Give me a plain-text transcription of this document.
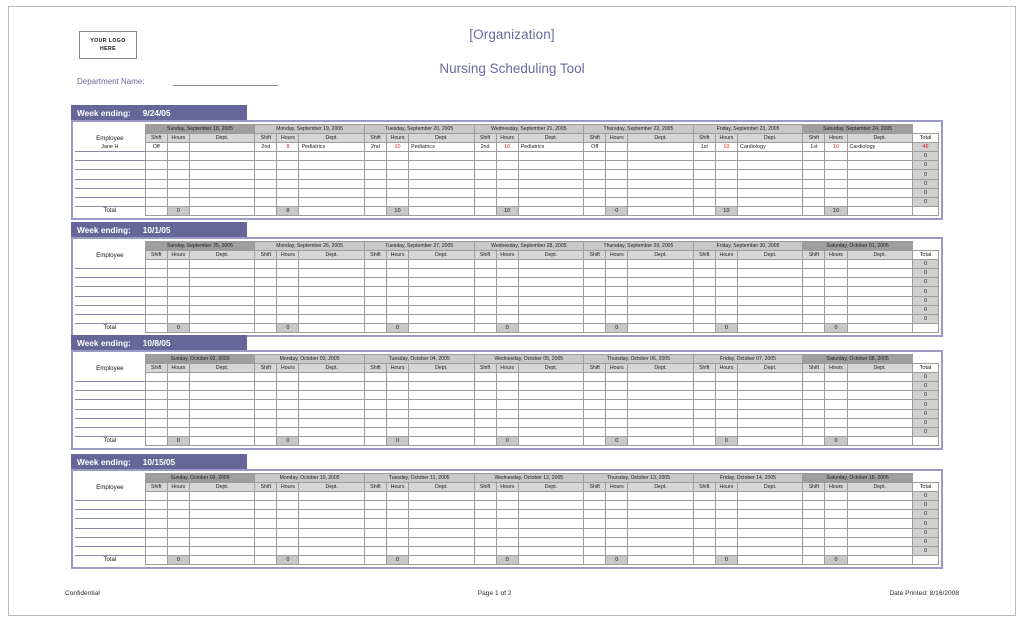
YOUR LOGO
HERE
[Organization]
Nursing Scheduling Tool
Department Name:
Week ending: 9/24/05
	Sunday, September 18, 2005			Monday, September 19, 2005			Tuesday, September 20, 2005			Wednesday, September 21, 2005			Thursday, September 22, 2005			Friday, September 23, 2005			Saturday, September 24, 2005			
Employee	Shift	Hours	Dept.	Shift	Hours	Dept.	Shift	Hours	Dept.	Shift	Hours	Dept.	Shift	Hours	Dept.	Shift	Hours	Dept.	Shift	Hours	Dept.	Total
Jane H	Off			2nd	8	Pediatrics	2nd	10	Pediatrics	2nd	10	Pediatrics	Off			1st	10	Cardiology	1st	10	Cardiology	48
																						0
																						0
																						0
																						0
																						0
																						0
Total		0			8			10			10			0			10			10		
Week ending: 10/1/05
	Sunday, September 25, 2005			Monday, September 26, 2005			Tuesday, September 27, 2005			Wednesday, September 28, 2005			Thursday, September 29, 2005			Friday, September 30, 2005			Saturday, October 01, 2005			
Employee	Shift	Hours	Dept.	Shift	Hours	Dept.	Shift	Hours	Dept.	Shift	Hours	Dept.	Shift	Hours	Dept.	Shift	Hours	Dept.	Shift	Hours	Dept.	Total
																						0
																						0
																						0
																						0
																						0
																						0
																						0
Total		0			0			0			0			0			0			0		
Week ending: 10/8/05
	Sunday, October 02, 2005			Monday, October 03, 2005			Tuesday, October 04, 2005			Wednesday, October 05, 2005			Thursday, October 06, 2005			Friday, October 07, 2005			Saturday, October 08, 2005			
Employee	Shift	Hours	Dept.	Shift	Hours	Dept.	Shift	Hours	Dept.	Shift	Hours	Dept.	Shift	Hours	Dept.	Shift	Hours	Dept.	Shift	Hours	Dept.	Total
																						0
																						0
																						0
																						0
																						0
																						0
																						0
Total		0			0			0			0			0			0			0		
Week ending: 10/15/05
	Sunday, October 09, 2005			Monday, October 10, 2005			Tuesday, October 11, 2005			Wednesday, October 12, 2005			Thursday, October 13, 2005			Friday, October 14, 2005			Saturday, October 15, 2005			
Employee	Shift	Hours	Dept.	Shift	Hours	Dept.	Shift	Hours	Dept.	Shift	Hours	Dept.	Shift	Hours	Dept.	Shift	Hours	Dept.	Shift	Hours	Dept.	Total
																						0
																						0
																						0
																						0
																						0
																						0
																						0
Total		0			0			0			0			0			0			0		
Confidential	Page 1 of 2	Date Printed: 8/16/2008
